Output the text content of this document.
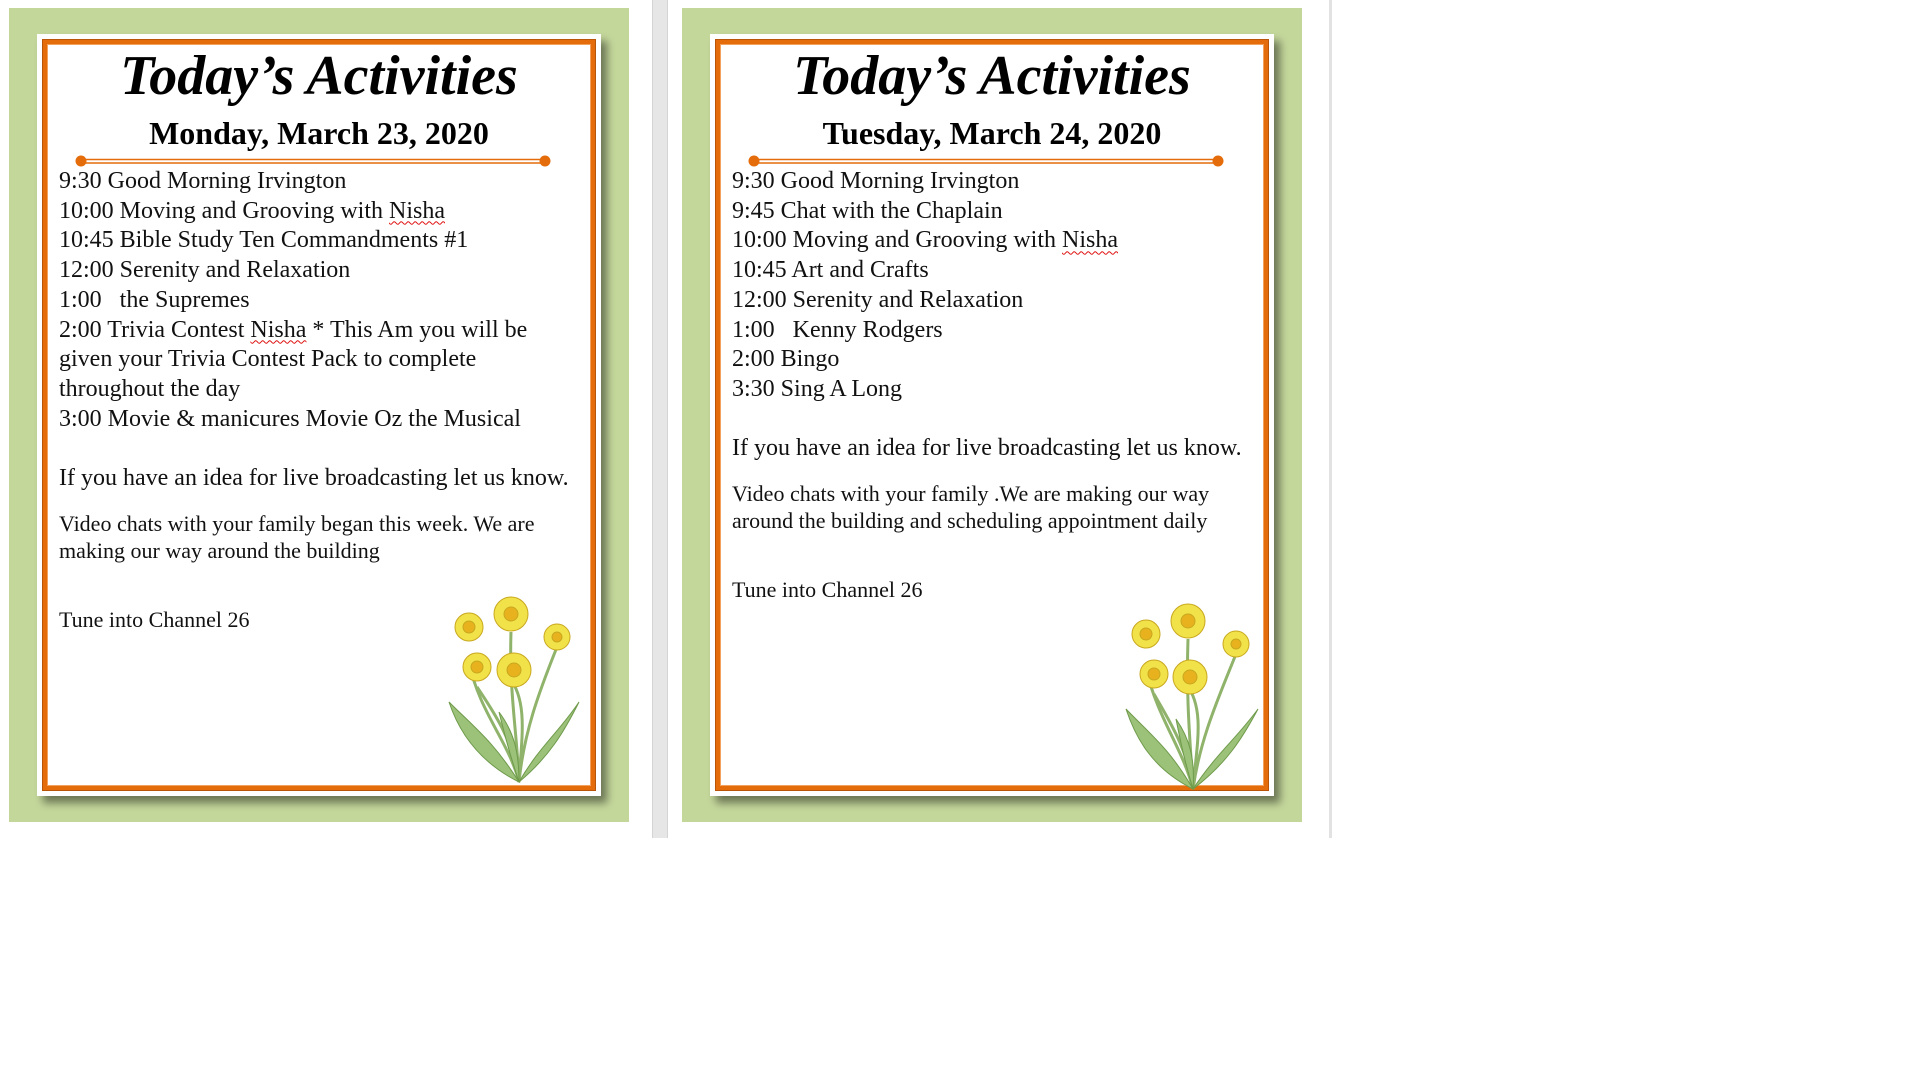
Today’s Activities
Monday, March 23, 2020
9:30 Good Morning Irvington
10:00 Moving and Grooving with Nisha
10:45 Bible Study Ten Commandments #1
12:00 Serenity and Relaxation
1:00   the Supremes
2:00 Trivia Contest Nisha * This Am you will be given your Trivia Contest Pack to complete throughout the day
3:00 Movie & manicures Movie Oz the Musical
If you have an idea for live broadcasting let us know.
Video chats with your family began this week. We are making our way around the building
Tune into Channel 26
Today’s Activities
Tuesday, March 24, 2020
9:30 Good Morning Irvington
9:45 Chat with the Chaplain
10:00 Moving and Grooving with Nisha
10:45 Art and Crafts
12:00 Serenity and Relaxation
1:00   Kenny Rodgers
2:00 Bingo
3:30 Sing A Long
If you have an idea for live broadcasting let us know.
Video chats with your family .We are making our way around the building and scheduling appointment daily
Tune into Channel 26
